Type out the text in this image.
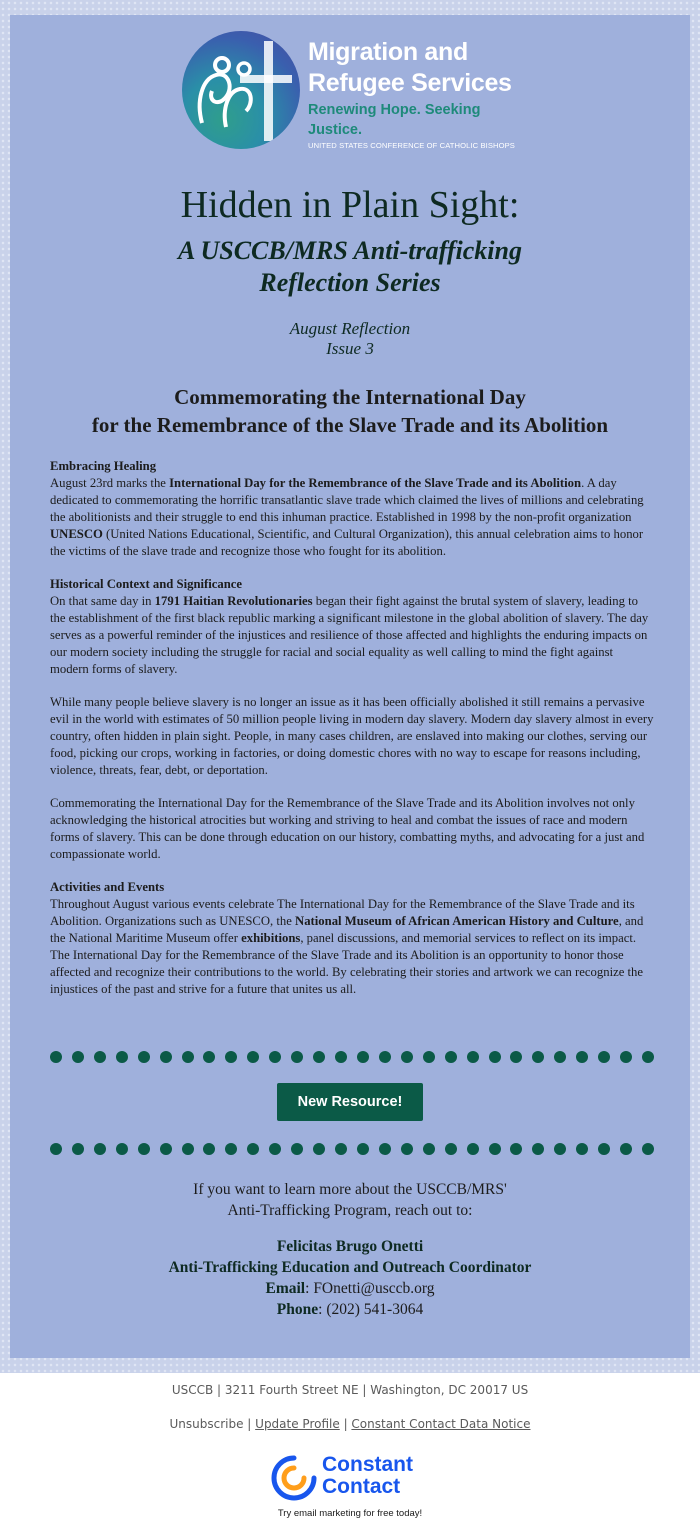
Migration and
Refugee Services
Renewing Hope. Seeking Justice.
UNITED STATES CONFERENCE OF CATHOLIC BISHOPS
Hidden in Plain Sight:
A USCCB/MRS Anti-trafficking
Reflection Series
August Reflection
Issue 3
Commemorating the International Day
for the Remembrance of the Slave Trade and its Abolition
Embracing Healing

August 23rd marks the International Day for the Remembrance of the Slave Trade and its Abolition. A day dedicated to commemorating the horrific transatlantic slave trade which claimed the lives of millions and celebrating the abolitionists and their struggle to end this inhuman practice. Established in 1998 by the non-profit organization UNESCO (United Nations Educational, Scientific, and Cultural Organization), this annual celebration aims to honor the victims of the slave trade and recognize those who fought for its abolition.

Historical Context and Significance

On that same day in 1791 Haitian Revolutionaries began their fight against the brutal system of slavery, leading to the establishment of the first black republic marking a significant milestone in the global abolition of slavery. The day serves as a powerful reminder of the injustices and resilience of those affected and highlights the enduring impacts on our modern society including the struggle for racial and social equality as well calling to mind the fight against modern forms of slavery.

While many people believe slavery is no longer an issue as it has been officially abolished it still remains a pervasive evil in the world with estimates of 50 million people living in modern day slavery. Modern day slavery almost in every country, often hidden in plain sight. People, in many cases children, are enslaved into making our clothes, serving our food, picking our crops, working in factories, or doing domestic chores with no way to escape for reasons including, violence, threats, fear, debt, or deportation.

Commemorating the International Day for the Remembrance of the Slave Trade and its Abolition involves not only acknowledging the historical atrocities but working and striving to heal and combat the issues of race and modern forms of slavery. This can be done through education on our history, combatting myths, and advocating for a just and compassionate world.

Activities and Events

Throughout August various events celebrate The International Day for the Remembrance of the Slave Trade and its Abolition. Organizations such as UNESCO, the National Museum of African American History and Culture, and the National Maritime Museum offer exhibitions, panel discussions, and memorial services to reflect on its impact. The International Day for the Remembrance of the Slave Trade and its Abolition is an opportunity to honor those affected and recognize their contributions to the world. By celebrating their stories and artwork we can recognize the injustices of the past and strive for a future that unites us all.

New Resource!
If you want to learn more about the USCCB/MRS'
Anti-Trafficking Program, reach out to:
Felicitas Brugo Onetti
Anti-Trafficking Education and Outreach Coordinator
Email: FOnetti@usccb.org
Phone: (202) 541-3064
USCCB | 3211 Fourth Street NE | Washington, DC 20017 US
Unsubscribe | Update Profile | Constant Contact Data Notice
Constant
Contact
Try email marketing for free today!
